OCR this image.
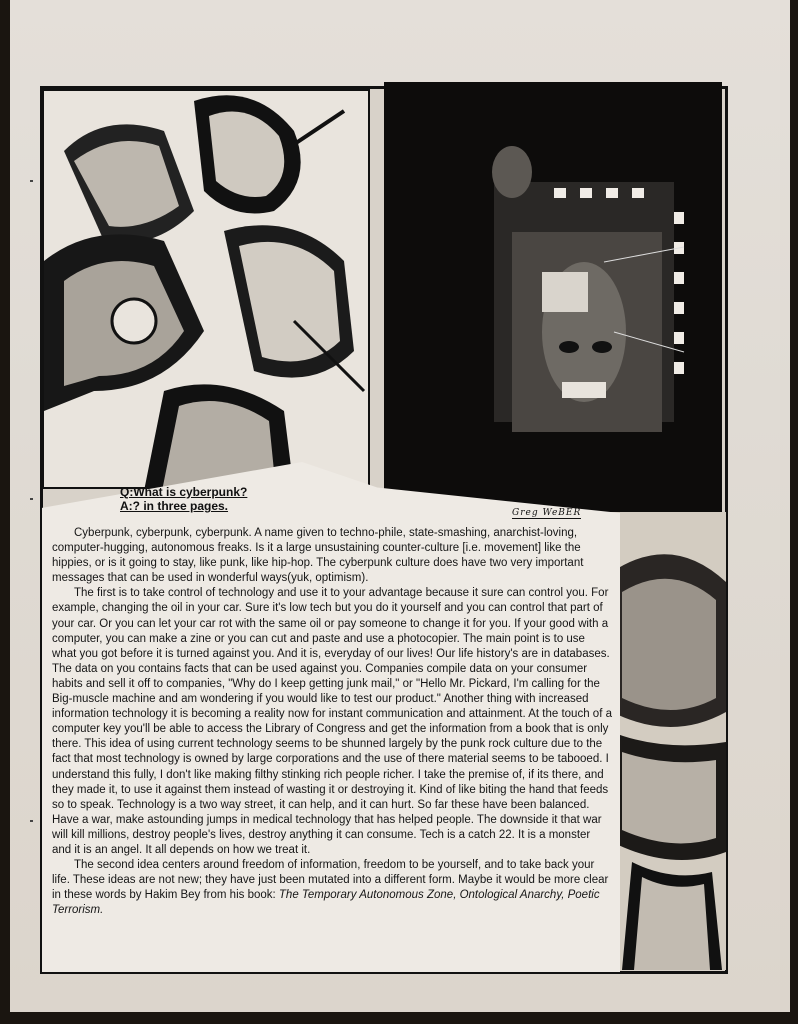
Q:What is cyberpunk?
A:? in three pages.	Greg WeBER

Cyberpunk, cyberpunk, cyberpunk. A name given to techno-phile, state-smashing, anarchist-loving, computer-hugging, autonomous freaks. Is it a large unsustaining counter-culture [i.e. movement] like the hippies, or is it going to stay, like punk, like hip-hop. The cyberpunk culture does have two very important messages that can be used in wonderful ways(yuk, optimism).

The first is to take control of technology and use it to your advantage because it sure can control you. For example, changing the oil in your car. Sure it's low tech but you do it yourself and you can control that part of your car. Or you can let your car rot with the same oil or pay someone to change it for you. If your good with a computer, you can make a zine or you can cut and paste and use a photocopier. The main point is to use what you got before it is turned against you. And it is, everyday of our lives! Our life history's are in databases. The data on you contains facts that can be used against you. Companies compile data on your consumer habits and sell it off to companies, "Why do I keep getting junk mail," or "Hello Mr. Pickard, I'm calling for the Big-muscle machine and am wondering if you would like to test our product." Another thing with increased information technology it is becoming a reality now for instant communication and attainment. At the touch of a computer key you'll be able to access the Library of Congress and get the information from a book that is only there. This idea of using current technology seems to be shunned largely by the punk rock culture due to the fact that most technology is owned by large corporations and the use of there material seems to be tabooed. I understand this fully, I don't like making filthy stinking rich people richer. I take the premise of, if its there, and they made it, to use it against them instead of wasting it or destroying it. Kind of like biting the hand that feeds so to speak. Technology is a two way street, it can help, and it can hurt. So far these have been balanced. Have a war, make astounding jumps in medical technology that has helped people. The downside it that war will kill millions, destroy people's lives, destroy anything it can consume. Tech is a catch 22. It is a monster and it is an angel. It all depends on how we treat it.

The second idea centers around freedom of information, freedom to be yourself, and to take back your life. These ideas are not new; they have just been mutated into a different form. Maybe it would be more clear in these words by Hakim Bey from his book: The Temporary Autonomous Zone, Ontological Anarchy, Poetic Terrorism.
